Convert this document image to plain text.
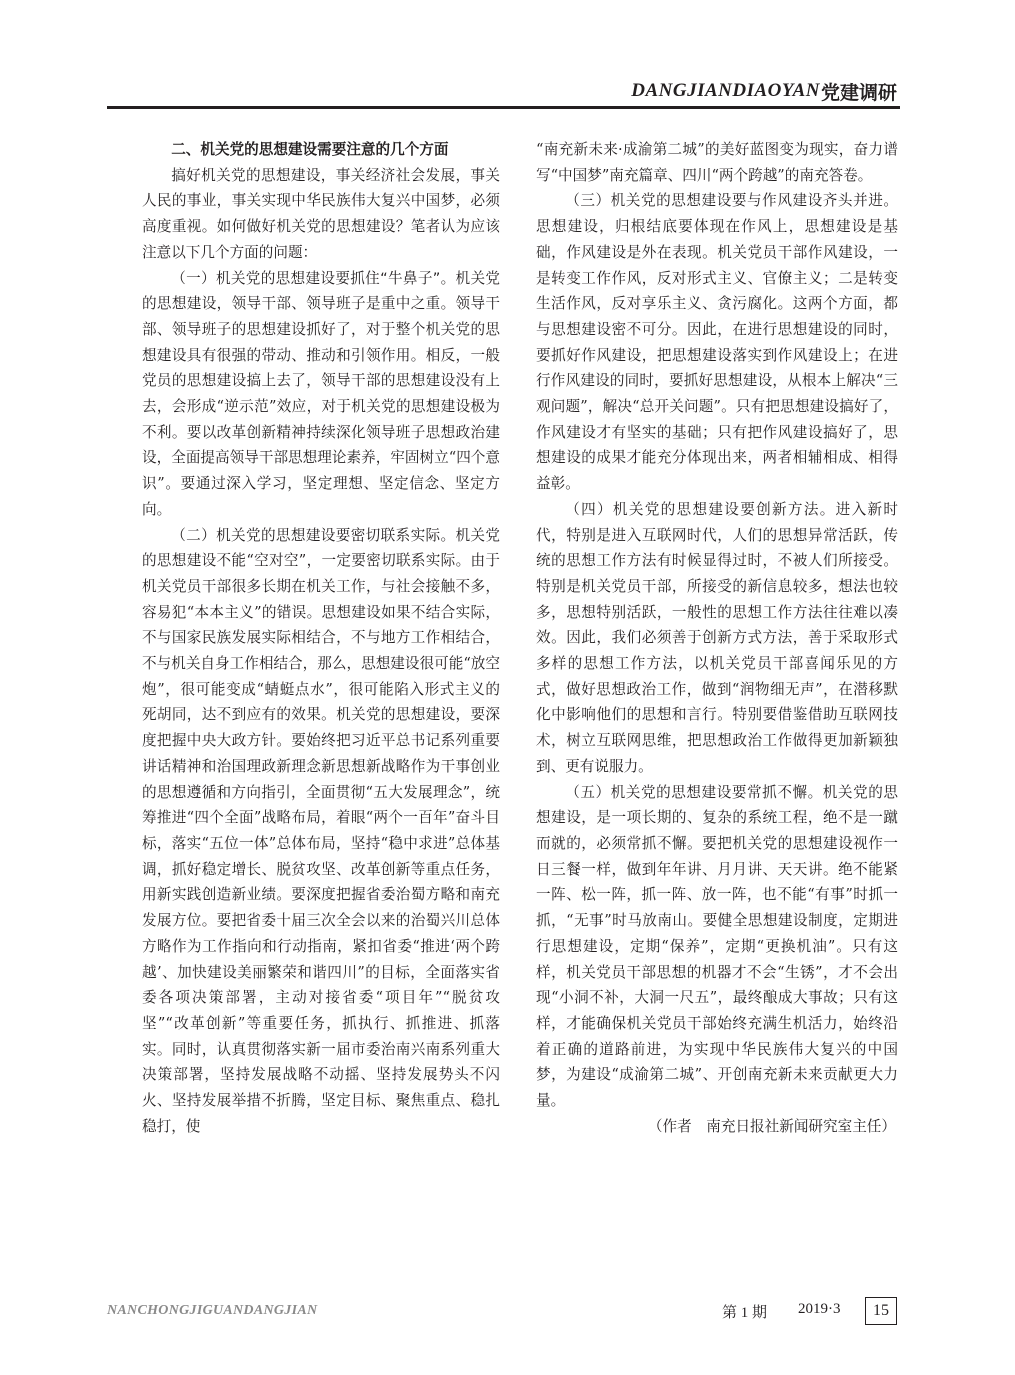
DANGJIANDIAOYAN 党建调研

二、机关党的思想建设需要注意的几个方面

搞好机关党的思想建设，事关经济社会发展，事关人民的事业，事关实现中华民族伟大复兴中国梦，必须高度重视。如何做好机关党的思想建设？笔者认为应该注意以下几个方面的问题：

（一）机关党的思想建设要抓住“牛鼻子”。机关党的思想建设，领导干部、领导班子是重中之重。领导干部、领导班子的思想建设抓好了，对于整个机关党的思想建设具有很强的带动、推动和引领作用。相反，一般党员的思想建设搞上去了，领导干部的思想建设没有上去，会形成“逆示范”效应，对于机关党的思想建设极为不利。要以改革创新精神持续深化领导班子思想政治建设，全面提高领导干部思想理论素养，牢固树立“四个意识”。要通过深入学习，坚定理想、坚定信念、坚定方向。

（二）机关党的思想建设要密切联系实际。机关党的思想建设不能“空对空”，一定要密切联系实际。由于机关党员干部很多长期在机关工作，与社会接触不多，容易犯“本本主义”的错误。思想建设如果不结合实际，不与国家民族发展实际相结合，不与地方工作相结合，不与机关自身工作相结合，那么，思想建设很可能“放空炮”，很可能变成“蜻蜓点水”，很可能陷入形式主义的死胡同，达不到应有的效果。机关党的思想建设，要深度把握中央大政方针。要始终把习近平总书记系列重要讲话精神和治国理政新理念新思想新战略作为干事创业的思想遵循和方向指引，全面贯彻“五大发展理念”，统筹推进“四个全面”战略布局，着眼“两个一百年”奋斗目标，落实“五位一体”总体布局，坚持“稳中求进”总体基调，抓好稳定增长、脱贫攻坚、改革创新等重点任务，用新实践创造新业绩。要深度把握省委治蜀方略和南充发展方位。要把省委十届三次全会以来的治蜀兴川总体方略作为工作指向和行动指南，紧扣省委“推进‘两个跨越’、加快建设美丽繁荣和谐四川”的目标，全面落实省委各项决策部署，主动对接省委“项目年”“脱贫攻坚”“改革创新”等重要任务，抓执行、抓推进、抓落实。同时，认真贯彻落实新一届市委治南兴南系列重大决策部署，坚持发展战略不动摇、坚持发展势头不闪火、坚持发展举措不折腾，坚定目标、聚焦重点、稳扎稳打，使

“南充新未来·成渝第二城”的美好蓝图变为现实，奋力谱写“中国梦”南充篇章、四川“两个跨越”的南充答卷。

（三）机关党的思想建设要与作风建设齐头并进。思想建设，归根结底要体现在作风上，思想建设是基础，作风建设是外在表现。机关党员干部作风建设，一是转变工作作风，反对形式主义、官僚主义；二是转变生活作风，反对享乐主义、贪污腐化。这两个方面，都与思想建设密不可分。因此，在进行思想建设的同时，要抓好作风建设，把思想建设落实到作风建设上；在进行作风建设的同时，要抓好思想建设，从根本上解决“三观问题”，解决“总开关问题”。只有把思想建设搞好了，作风建设才有坚实的基础；只有把作风建设搞好了，思想建设的成果才能充分体现出来，两者相辅相成、相得益彰。

（四）机关党的思想建设要创新方法。进入新时代，特别是进入互联网时代，人们的思想异常活跃，传统的思想工作方法有时候显得过时，不被人们所接受。特别是机关党员干部，所接受的新信息较多，想法也较多，思想特别活跃，一般性的思想工作方法往往难以凑效。因此，我们必须善于创新方式方法，善于采取形式多样的思想工作方法，以机关党员干部喜闻乐见的方式，做好思想政治工作，做到“润物细无声”，在潜移默化中影响他们的思想和言行。特别要借鉴借助互联网技术，树立互联网思维，把思想政治工作做得更加新颖独到、更有说服力。

（五）机关党的思想建设要常抓不懈。机关党的思想建设，是一项长期的、复杂的系统工程，绝不是一蹴而就的，必须常抓不懈。要把机关党的思想建设视作一日三餐一样，做到年年讲、月月讲、天天讲。绝不能紧一阵、松一阵，抓一阵、放一阵，也不能“有事”时抓一抓，“无事”时马放南山。要健全思想建设制度，定期进行思想建设，定期“保养”，定期“更换机油”。只有这样，机关党员干部思想的机器才不会“生锈”，才不会出现“小洞不补，大洞一尺五”，最终酿成大事故；只有这样，才能确保机关党员干部始终充满生机活力，始终沿着正确的道路前进，为实现中华民族伟大复兴的中国梦，为建设“成渝第二城”、开创南充新未来贡献更大力量。

（作者　南充日报社新闻研究室主任）

NANCHONGJIGUANDANGJIAN	第 1 期 2019·3	15
